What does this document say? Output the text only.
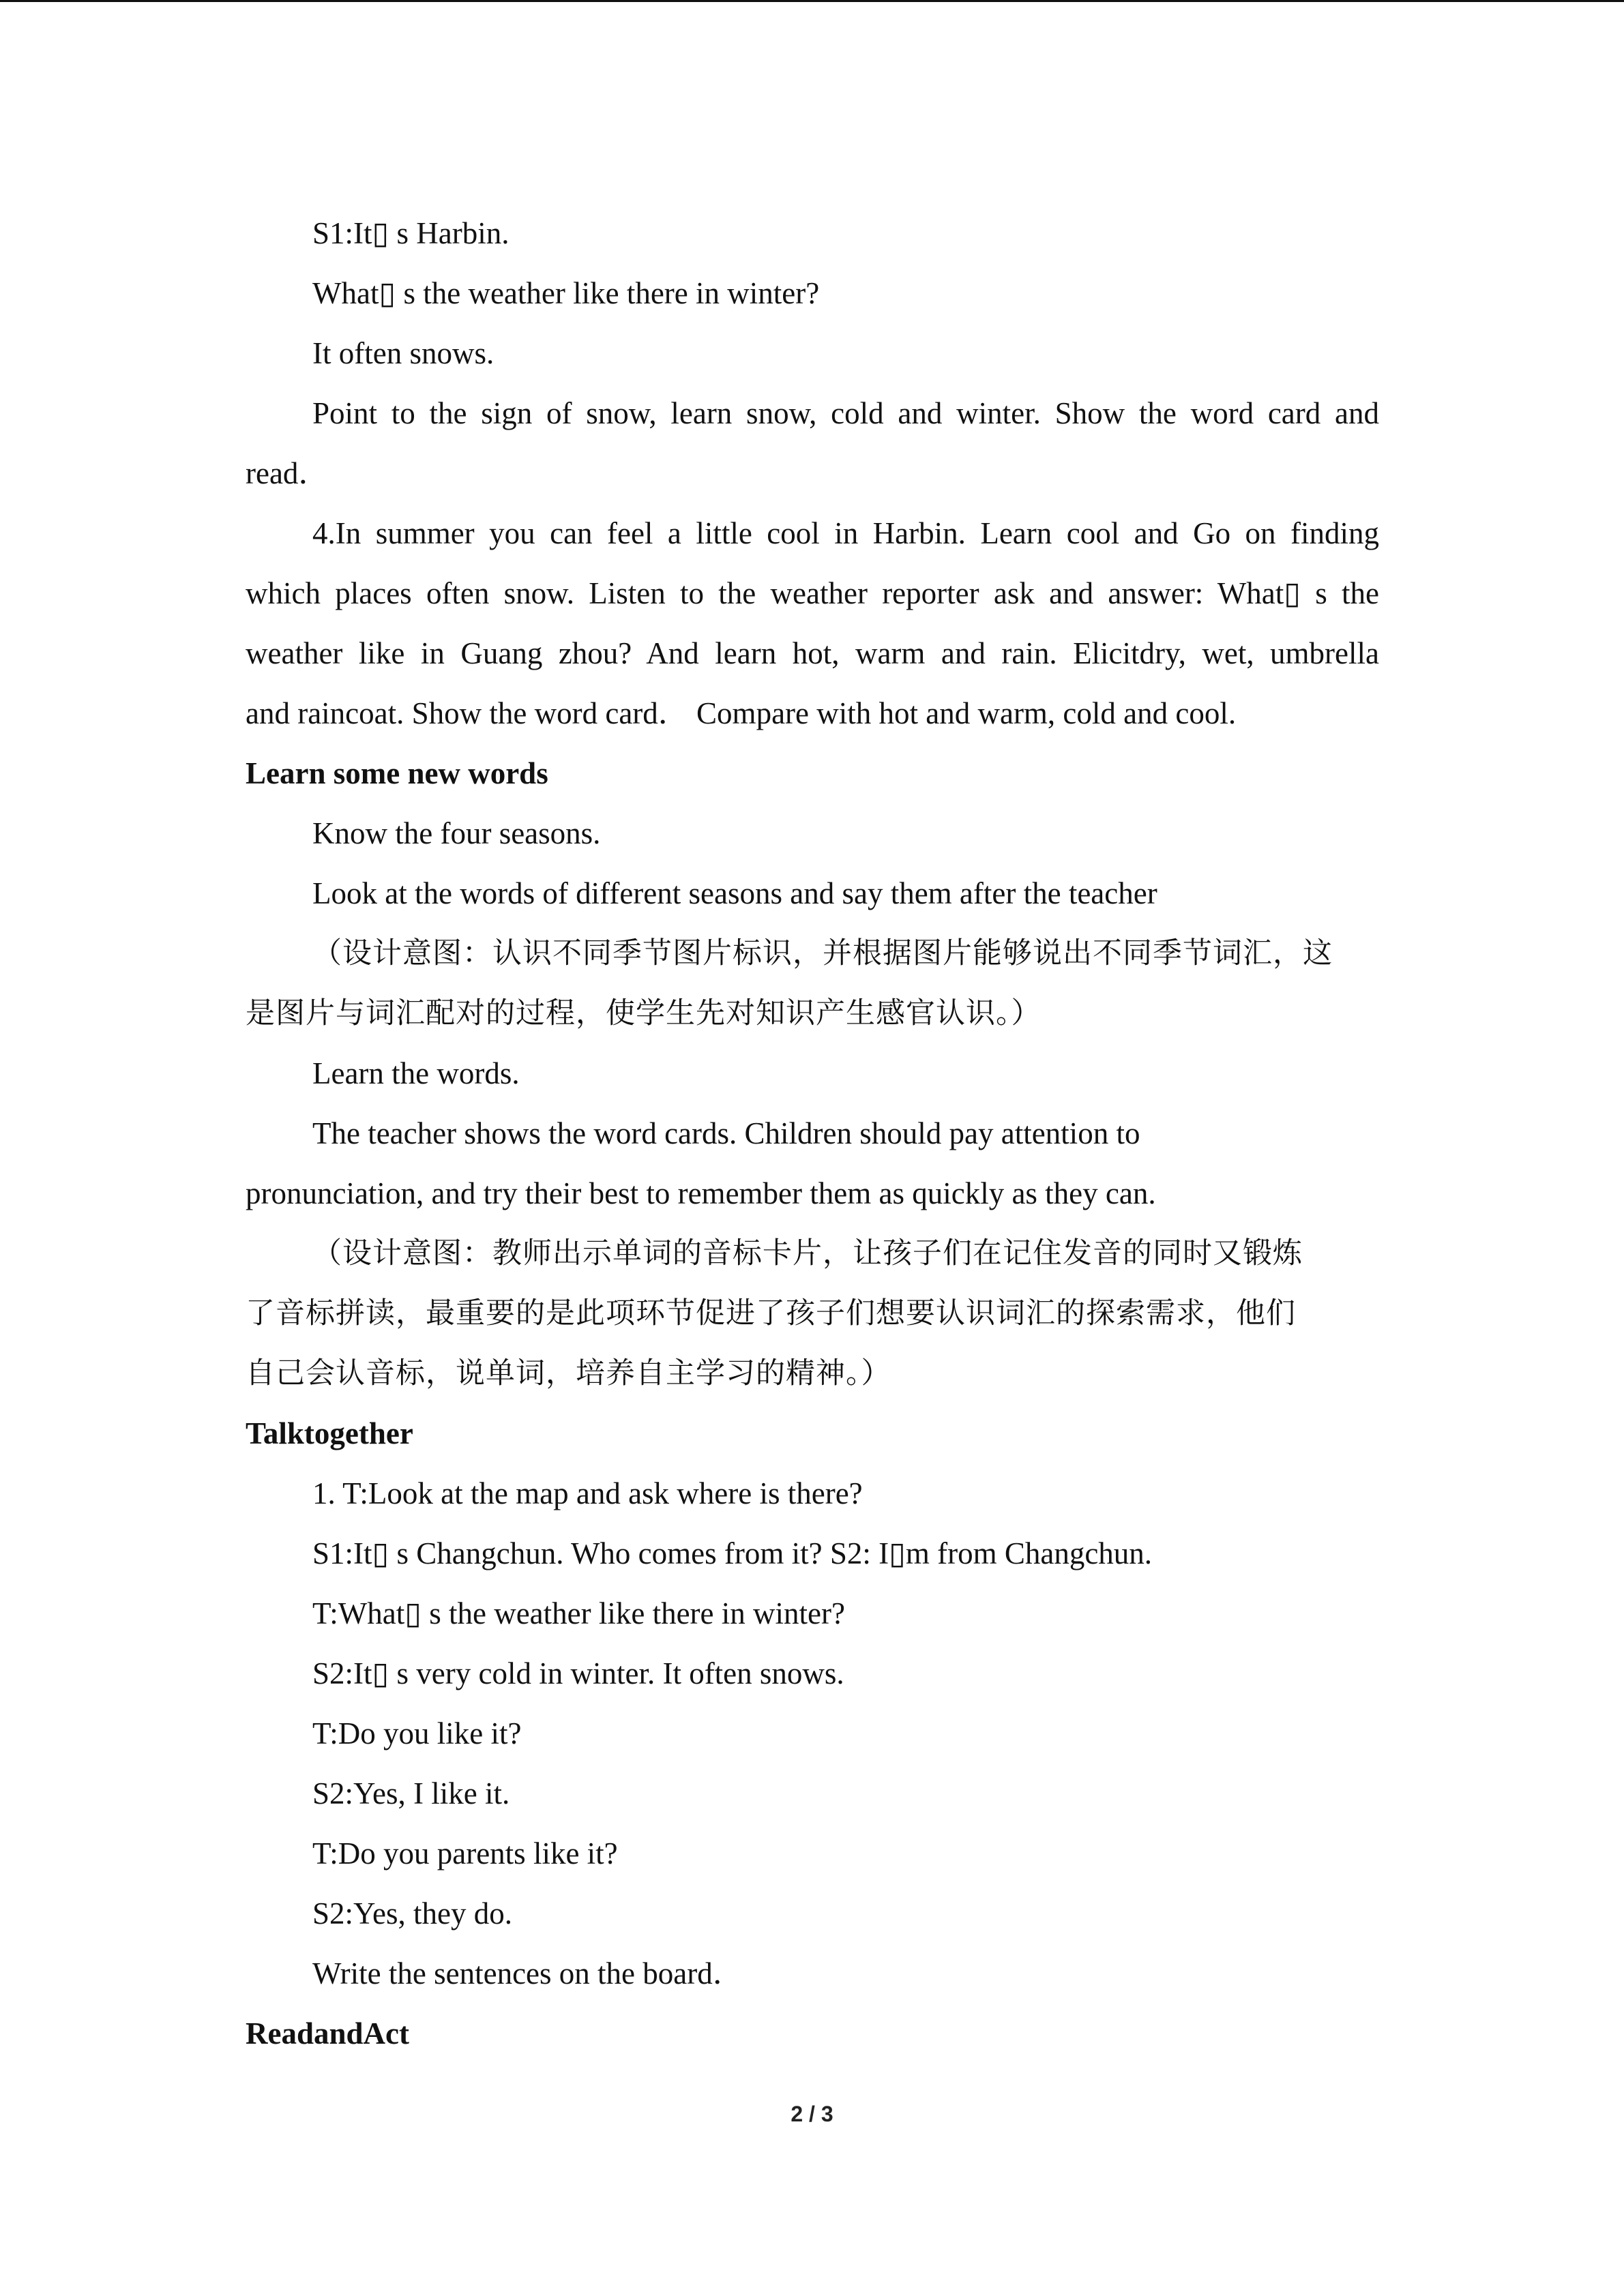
S1:It▯ s Harbin.
What▯ s the weather like there in winter?
It often snows.
Point to the sign of snow, learn snow, cold and winter. Show the word card and
read．
4.In summer you can feel a little cool in Harbin. Learn cool and Go on finding
which places often snow. Listen to the weather reporter ask and answer: What▯ s the
weather like in Guang zhou? And learn hot, warm and rain. Elicitdry, wet, umbrella
and raincoat. Show the word card． Compare with hot and warm, cold and cool.
Learn some new words
Know the four seasons.
Look at the words of different seasons and say them after the teacher
（设计意图：认识不同季节图片标识，并根据图片能够说出不同季节词汇，这
是图片与词汇配对的过程，使学生先对知识产生感官认识。）
Learn the words.
The teacher shows the word cards. Children should pay attention to
pronunciation, and try their best to remember them as quickly as they can.
（设计意图：教师出示单词的音标卡片，让孩子们在记住发音的同时又锻炼
了音标拼读，最重要的是此项环节促进了孩子们想要认识词汇的探索需求，他们
自己会认音标，说单词，培养自主学习的精神。）
Talktogether
1. T:Look at the map and ask where is there?
S1:It▯ s Changchun. Who comes from it? S2: I▯m from Changchun.
T:What▯ s the weather like there in winter?
S2:It▯ s very cold in winter. It often snows.
T:Do you like it?
S2:Yes, I like it.
T:Do you parents like it?
S2:Yes, they do.
Write the sentences on the board．
ReadandAct
2 / 3
